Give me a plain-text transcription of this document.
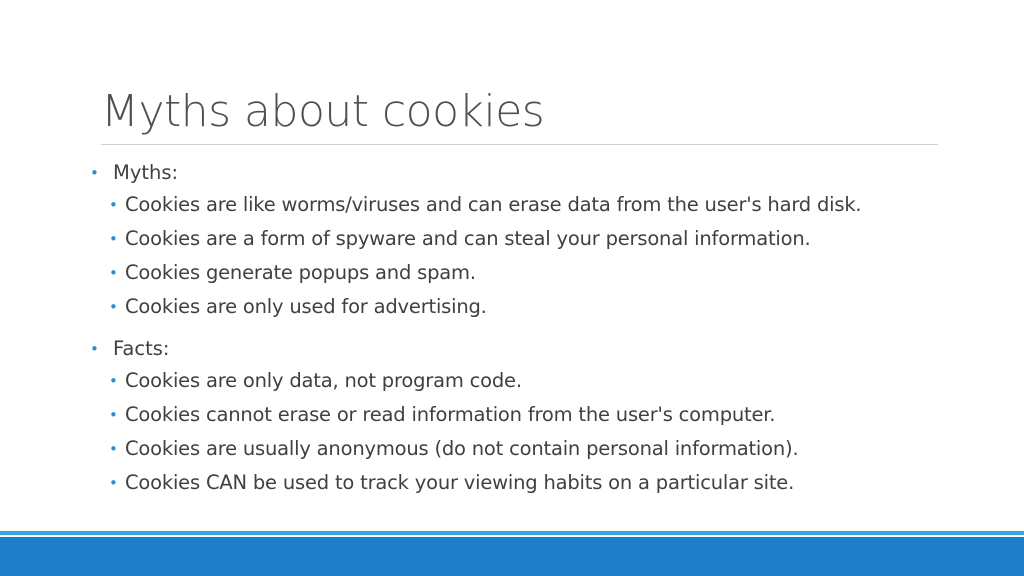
Myths about cookies
• Myths:
• Cookies are like worms/viruses and can erase data from the user's hard disk.
• Cookies are a form of spyware and can steal your personal information.
• Cookies generate popups and spam.
• Cookies are only used for advertising.
• Facts:
• Cookies are only data, not program code.
• Cookies cannot erase or read information from the user's computer.
• Cookies are usually anonymous (do not contain personal information).
• Cookies CAN be used to track your viewing habits on a particular site.
